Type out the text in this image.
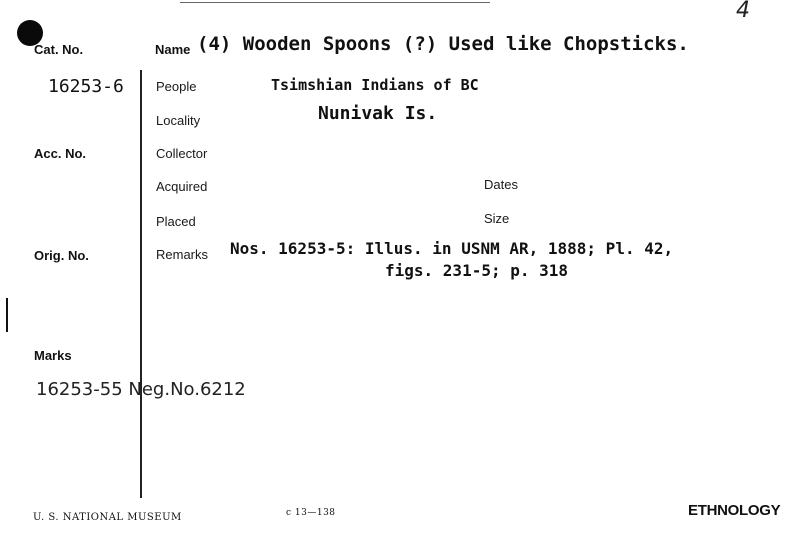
4
Cat. No.	Name (4) Wooden Spoons (?) Used like Chopsticks.
16253-6 People	Tsimshian Indians of BC
Locality	Nunivak Is.
Acc. No.	Collector
Acquired	Dates
Placed	Size
Orig. No.	Remarks Nos. 16253-5: Illus. in USNM AR, 1888; Pl. 42,
figs. 231-5; p. 318
Marks
16253-55 Neg.No.6212
U. S. NATIONAL MUSEUM	c 13—138	ETHNOLOGY
